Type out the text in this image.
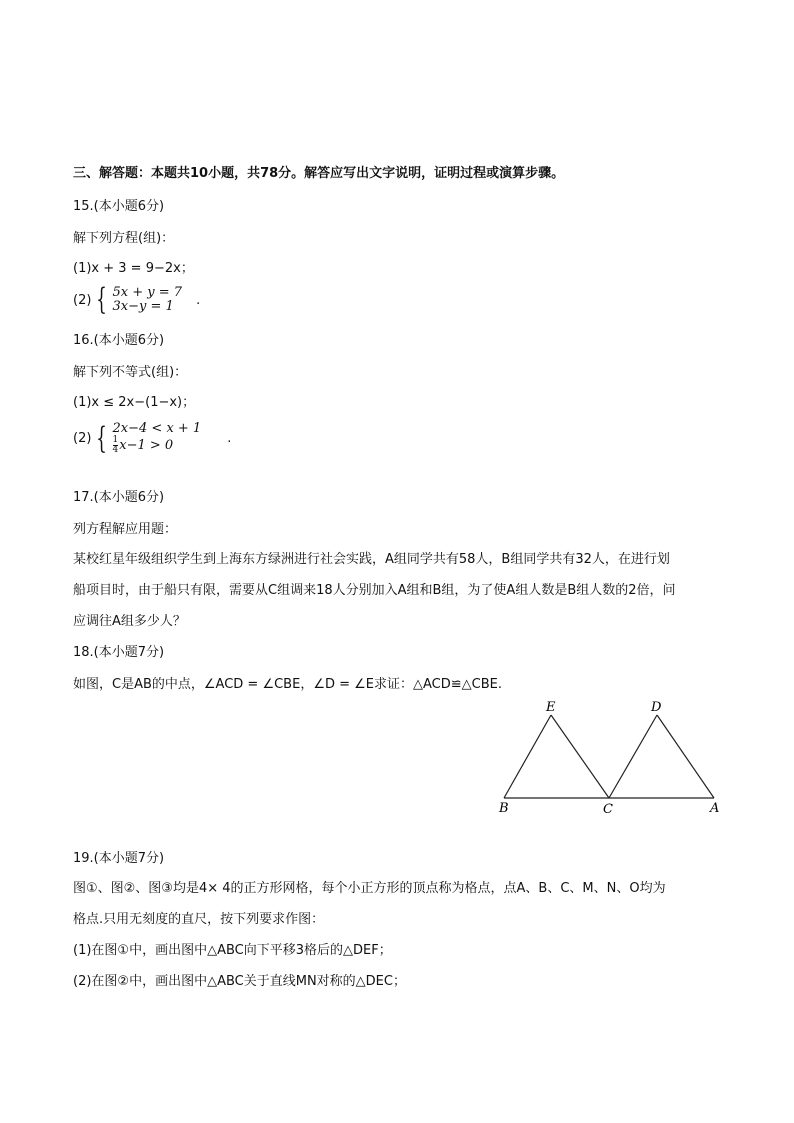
三、解答题：本题共10小题，共78分。解答应写出文字说明，证明过程或演算步骤。
15.(本小题6分)
解下列方程(组)：
(1)x + 3 = 9−2x；
(2) { 5x + y = 7
3x−y = 1	.
16.(本小题6分)
解下列不等式(组)：
(1)x ≤ 2x−(1−x)；
(2) { 2x−4 < x + 1
$\frac{1}{4} x-1 > 0$	.
17.(本小题6分)
列方程解应用题：
某校红星年级组织学生到上海东方绿洲进行社会实践，A组同学共有58人，B组同学共有32人，在进行划
船项目时，由于船只有限，需要从C组调来18人分别加入A组和B组，为了使A组人数是B组人数的2倍，问
应调往A组多少人？
18.(本小题7分)
如图，C是AB的中点，∠ACD = ∠CBE，∠D = ∠E求证：△ACD≌△CBE.
E	D
B	C	A
19.(本小题7分)
图①、图②、图③均是4× 4的正方形网格，每个小正方形的顶点称为格点，点A、B、C、M、N、O均为
格点.只用无刻度的直尺，按下列要求作图：
(1)在图①中，画出图中△ABC向下平移3格后的△DEF；
(2)在图②中，画出图中△ABC关于直线MN对称的△DEC；
